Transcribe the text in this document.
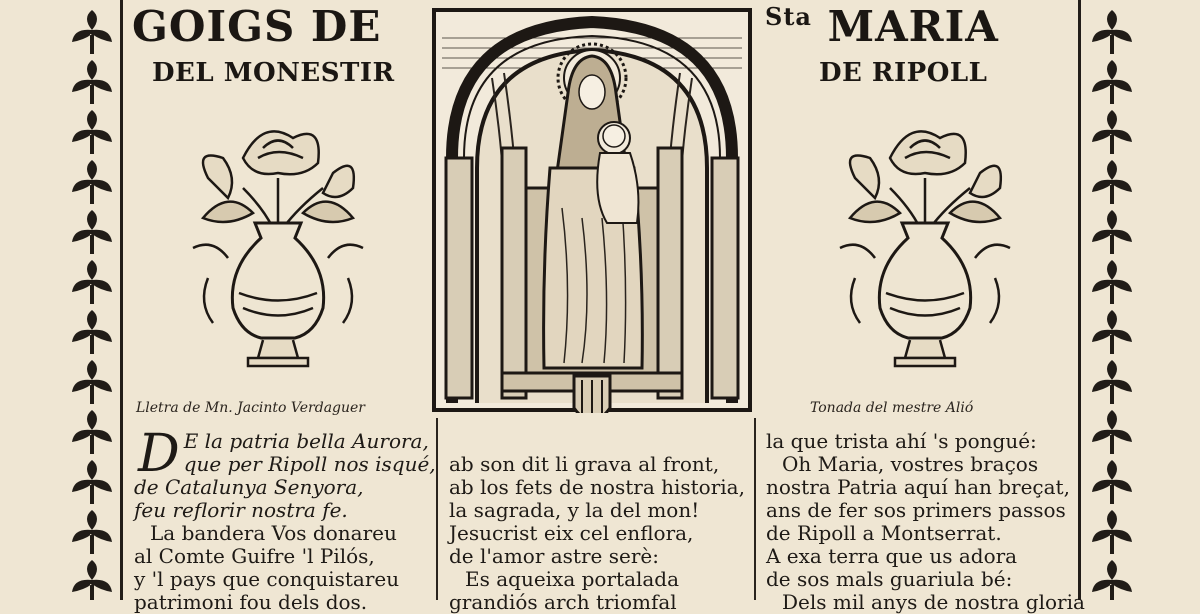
GOIGS DE	$^{Sta}$ MARIA
DEL MONESTIR	DE RIPOLL
Lletra de Mn. Jacinto Verdaguer	Tonada del mestre Alió
D E la patria bella Aurora,
que per Ripoll nos isqué,
de Catalunya Senyora,
feu reflorir nostra fe.
La bandera Vos donareu
al Comte Guifre 'l Pilós,
y 'l pays que conquistareu
patrimoni fou dels dos.
ab son dit li grava al front,
ab los fets de nostra historia,
la sagrada, y la del mon!
Jesucrist eix cel enflora,
de l'amor astre serè:
Es aqueixa portalada
grandiós arch triomfal
la que trista ahí 's pongué:
Oh Maria, vostres braços
nostra Patria aquí han breçat,
ans de fer sos primers passos
de Ripoll a Montserrat.
A exa terra que us adora
de sos mals guariula bé:
Dels mil anys de nostra gloria
